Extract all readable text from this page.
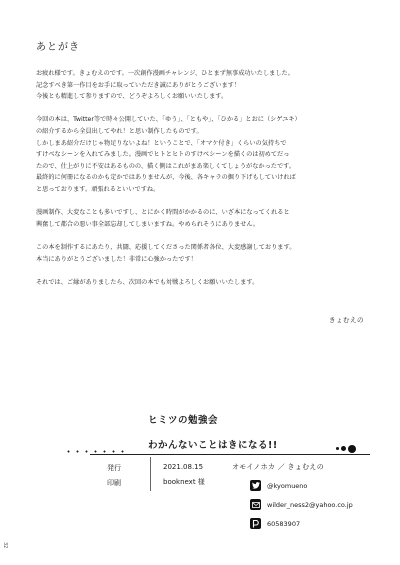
あとがき

お疲れ様です。きょむえのです。一次創作漫画チャレンジ、ひとまず無事成功いたしました。
記念すべき第一作目をお手に取っていただき誠にありがとうございます！
今後とも精進して参りますので、どうぞよろしくお願いいたします。

今回の本は、Twitter等で時々公開していた、「ゆう」、「ともや」、「ひかる」とおに（シゲユキ）
の紹介するから全員出してやれ！と思い制作したものです。
しかしまあ紹介だけじゃ物足りないよね！ということで、「オマケ付き」くらいの気持ちで
すけべなシーンを入れてみました。漫画でヒトとヒトのすけべシーンを描くのは初めてだっ
たので、仕上がりに不安はあるものの、描く側はこれがまあ楽しくてしょうがなかったです。
最終的に何冊になるのかも定かではありませんが、今後、各キャラの掘り下げもしていければ
と思っております。頑張れるといいですね。

漫画制作、大変なことも多いですし、とにかく時間がかかるのに、いざ本になってくれると
興奮して都合の悪い事全部忘却してしまいますね。やめられそうにありません。

この本を制作するにあたり、共闘、応援してくださった関係者各位、大変感謝しております。
本当にありがとうございました！非常に心強かったです！

それでは、ご縁がありましたら、次回の本でも対戦よろしくお願いいたします。

きょむえの
ヒミツの勉強会
わかんないことはきになる!!
発行
印刷
2021.08.15
booknext 様
オモイノホカ ／ きょむえの
@kyomueno
wilder_ness2@yahoo.co.jp
60583907
32
